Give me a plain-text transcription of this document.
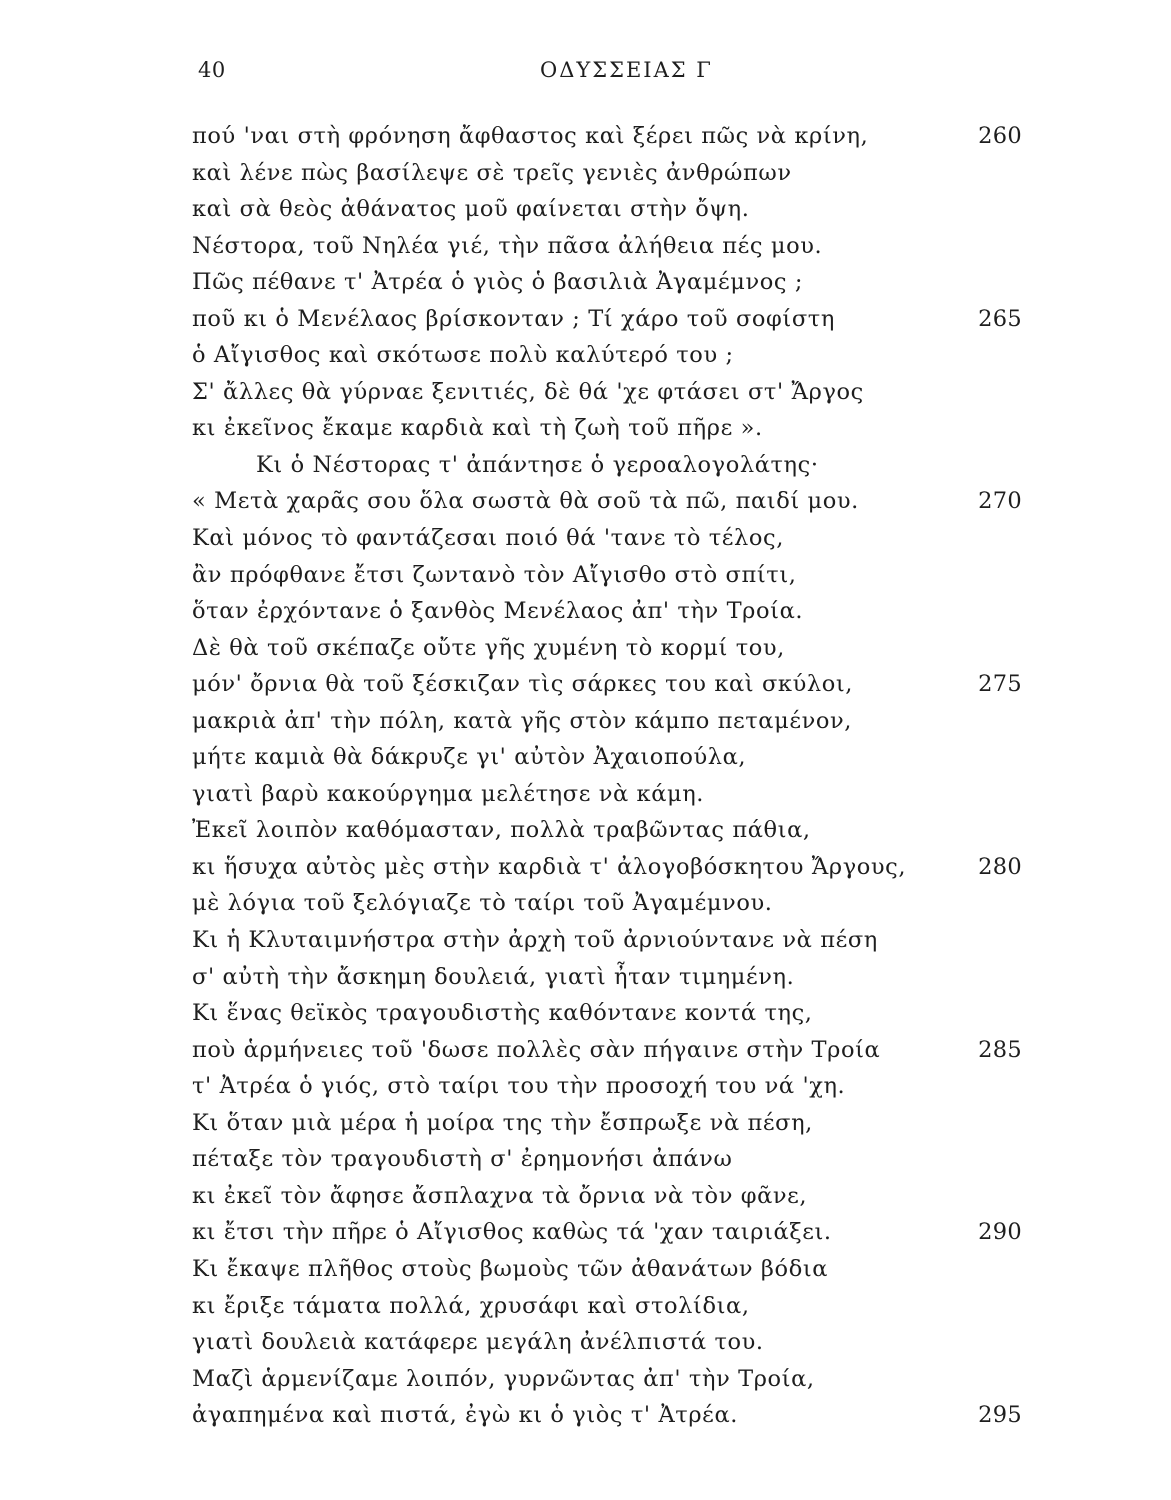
40	ΟΔΥΣΣΕΙΑΣ Γ
πού 'ναι στὴ φρόνηση ἄφθαστος καὶ ξέρει πῶς νὰ κρίνη,	260
καὶ λένε πὼς βασίλεψε σὲ τρεῖς γενιὲς ἀνθρώπων
καὶ σὰ θεὸς ἀθάνατος μοῦ φαίνεται στὴν ὄψη.
Νέστορα, τοῦ Νηλέα γιέ, τὴν πᾶσα ἀλήθεια πές μου.
Πῶς πέθανε τ' Ἀτρέα ὁ γιὸς ὁ βασιλιὰ Ἀγαμέμνος ;
ποῦ κι ὁ Μενέλαος βρίσκονταν ; Τί χάρο τοῦ σοφίστη	265
ὁ Αἴγισθος καὶ σκότωσε πολὺ καλύτερό του ;
Σ' ἄλλες θὰ γύρναε ξενιτιές, δὲ θά 'χε φτάσει στ' Ἄργος
κι ἐκεῖνος ἔκαμε καρδιὰ καὶ τὴ ζωὴ τοῦ πῆρε ».
Κι ὁ Νέστορας τ' ἀπάντησε ὁ γεροαλογολάτης·
« Μετὰ χαρᾶς σου ὅλα σωστὰ θὰ σοῦ τὰ πῶ, παιδί μου.	270
Καὶ μόνος τὸ φαντάζεσαι ποιό θά 'τανε τὸ τέλος,
ἂν πρόφθανε ἔτσι ζωντανὸ τὸν Αἴγισθο στὸ σπίτι,
ὅταν ἐρχόντανε ὁ ξανθὸς Μενέλαος ἀπ' τὴν Τροία.
Δὲ θὰ τοῦ σκέπαζε οὔτε γῆς χυμένη τὸ κορμί του,
μόν' ὄρνια θὰ τοῦ ξέσκιζαν τὶς σάρκες του καὶ σκύλοι,	275
μακριὰ ἀπ' τὴν πόλη, κατὰ γῆς στὸν κάμπο πεταμένον,
μήτε καμιὰ θὰ δάκρυζε γι' αὐτὸν Ἀχαιοπούλα,
γιατὶ βαρὺ κακούργημα μελέτησε νὰ κάμη.
Ἐκεῖ λοιπὸν καθόμασταν, πολλὰ τραβῶντας πάθια,
κι ἥσυχα αὐτὸς μὲς στὴν καρδιὰ τ' ἀλογοβόσκητου Ἄργους,	280
μὲ λόγια τοῦ ξελόγιαζε τὸ ταίρι τοῦ Ἀγαμέμνου.
Κι ἡ Κλυταιμνήστρα στὴν ἀρχὴ τοῦ ἀρνιούντανε νὰ πέση
σ' αὐτὴ τὴν ἄσκημη δουλειά, γιατὶ ἦταν τιμημένη.
Κι ἕνας θεϊκὸς τραγουδιστὴς καθόντανε κοντά της,
ποὺ ἁρμήνειες τοῦ 'δωσε πολλὲς σὰν πήγαινε στὴν Τροία	285
τ' Ἀτρέα ὁ γιός, στὸ ταίρι του τὴν προσοχή του νά 'χη.
Κι ὅταν μιὰ μέρα ἡ μοίρα της τὴν ἔσπρωξε νὰ πέση,
πέταξε τὸν τραγουδιστὴ σ' ἐρημονήσι ἀπάνω
κι ἐκεῖ τὸν ἄφησε ἄσπλαχνα τὰ ὄρνια νὰ τὸν φᾶνε,
κι ἔτσι τὴν πῆρε ὁ Αἴγισθος καθὼς τά 'χαν ταιριάξει.	290
Κι ἔκαψε πλῆθος στοὺς βωμοὺς τῶν ἀθανάτων βόδια
κι ἔριξε τάματα πολλά, χρυσάφι καὶ στολίδια,
γιατὶ δουλειὰ κατάφερε μεγάλη ἀνέλπιστά του.
Μαζὶ ἁρμενίζαμε λοιπόν, γυρνῶντας ἀπ' τὴν Τροία,
ἀγαπημένα καὶ πιστά, ἐγὼ κι ὁ γιὸς τ' Ἀτρέα.	295
